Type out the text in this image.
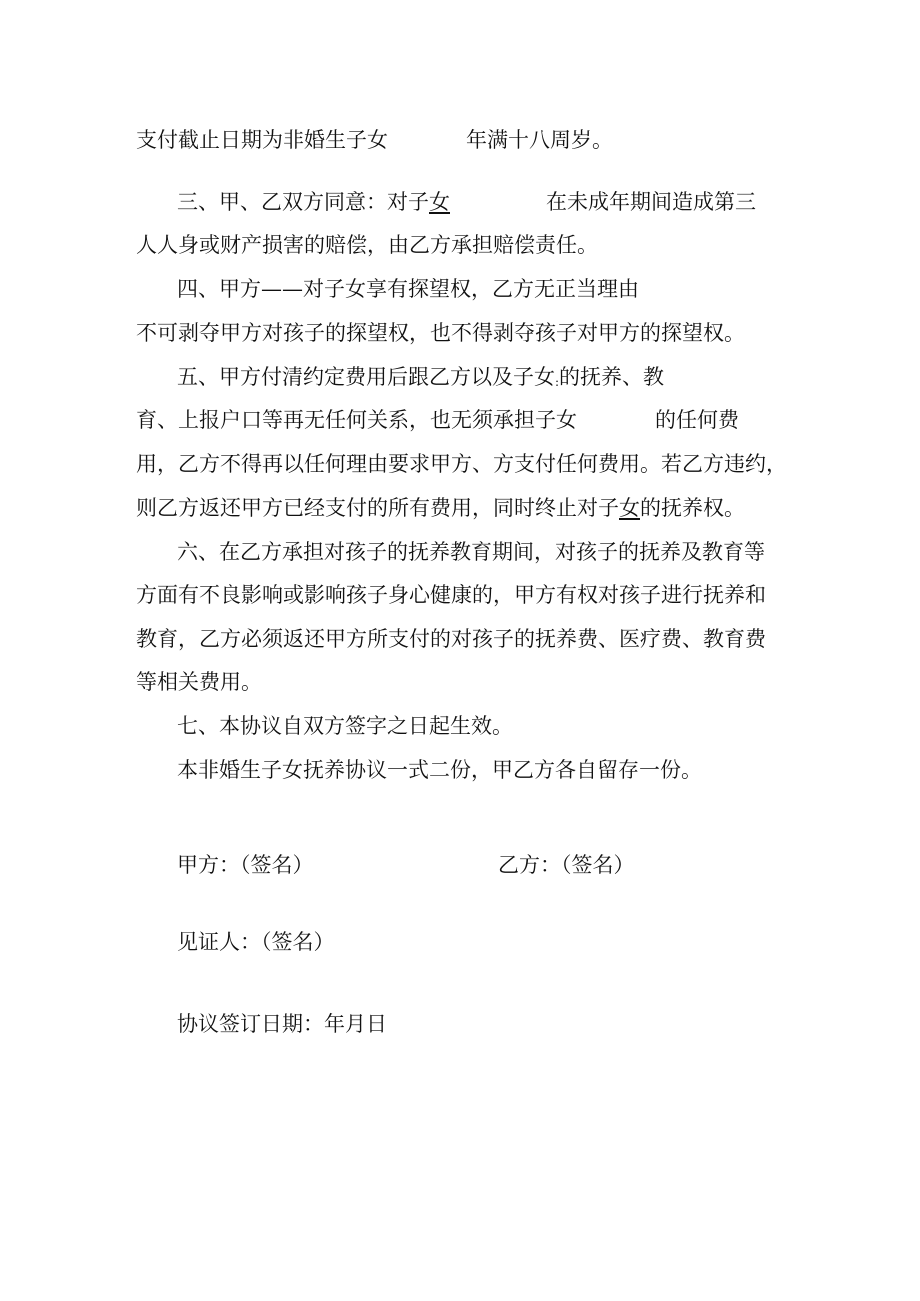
支付截止日期为非婚生子女	年满十八周岁。
三、甲、乙双方同意：对子女	在未成年期间造成第三
人人身或财产损害的赔偿，由乙方承担赔偿责任。
四、甲方——对子女享有探望权，乙方无正当理由
不可剥夺甲方对孩子的探望权，也不得剥夺孩子对甲方的探望权。
五、甲方付清约定费用后跟乙方以及子女:的抚养、教
育、上报户口等再无任何关系，也无须承担子女	的任何费
用，乙方不得再以任何理由要求甲方、方支付任何费用。若乙方违约，
则乙方返还甲方已经支付的所有费用，同时终止对子女的抚养权。
六、在乙方承担对孩子的抚养教育期间，对孩子的抚养及教育等
方面有不良影响或影响孩子身心健康的，甲方有权对孩子进行抚养和
教育，乙方必须返还甲方所支付的对孩子的抚养费、医疗费、教育费
等相关费用。
七、本协议自双方签字之日起生效。
本非婚生子女抚养协议一式二份，甲乙方各自留存一份。
甲方：（签名）	乙方：（签名）
见证人：（签名）
协议签订日期：年月日
